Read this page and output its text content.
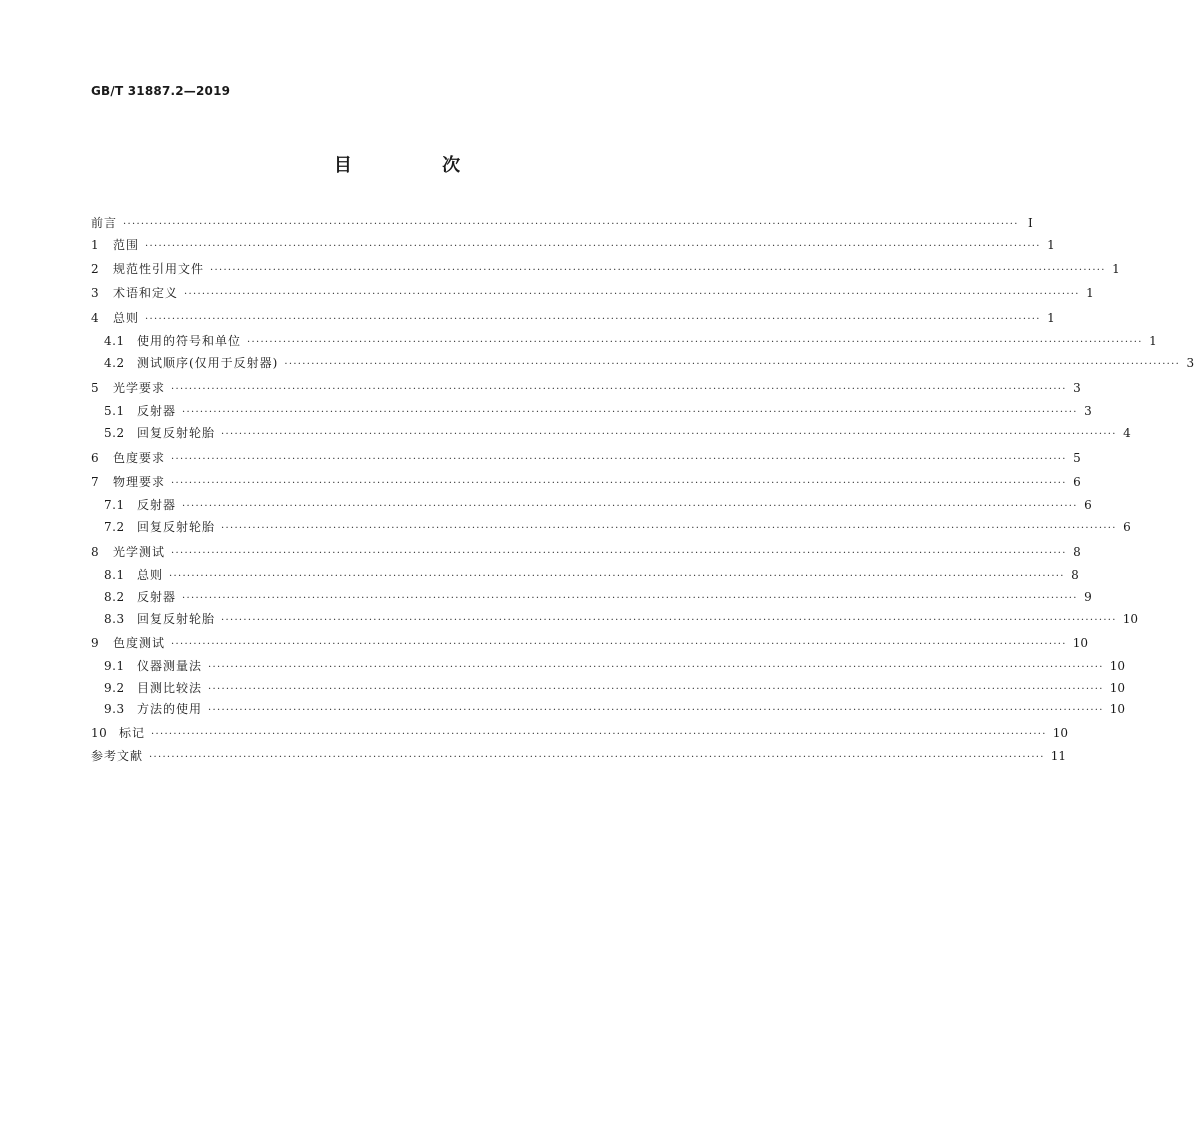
GB/T 31887.2—2019
目 次
前言 ········································································································································································································ I
1 范围 ········································································································································································································ 1
2 规范性引用文件 ········································································································································································································ 1
3 术语和定义 ········································································································································································································ 1
4 总则 ········································································································································································································ 1
4.1 使用的符号和单位 ········································································································································································································ 1
4.2 测试顺序(仅用于反射器) ········································································································································································································ 3
5 光学要求 ········································································································································································································ 3
5.1 反射器 ········································································································································································································ 3
5.2 回复反射轮胎 ········································································································································································································ 4
6 色度要求 ········································································································································································································ 5
7 物理要求 ········································································································································································································ 6
7.1 反射器 ········································································································································································································ 6
7.2 回复反射轮胎 ········································································································································································································ 6
8 光学测试 ········································································································································································································ 8
8.1 总则 ········································································································································································································ 8
8.2 反射器 ········································································································································································································ 9
8.3 回复反射轮胎 ········································································································································································································ 10
9 色度测试 ········································································································································································································ 10
9.1 仪器测量法 ········································································································································································································ 10
9.2 目测比较法 ········································································································································································································ 10
9.3 方法的使用 ········································································································································································································ 10
10 标记 ········································································································································································································ 10
参考文献 ········································································································································································································ 11
